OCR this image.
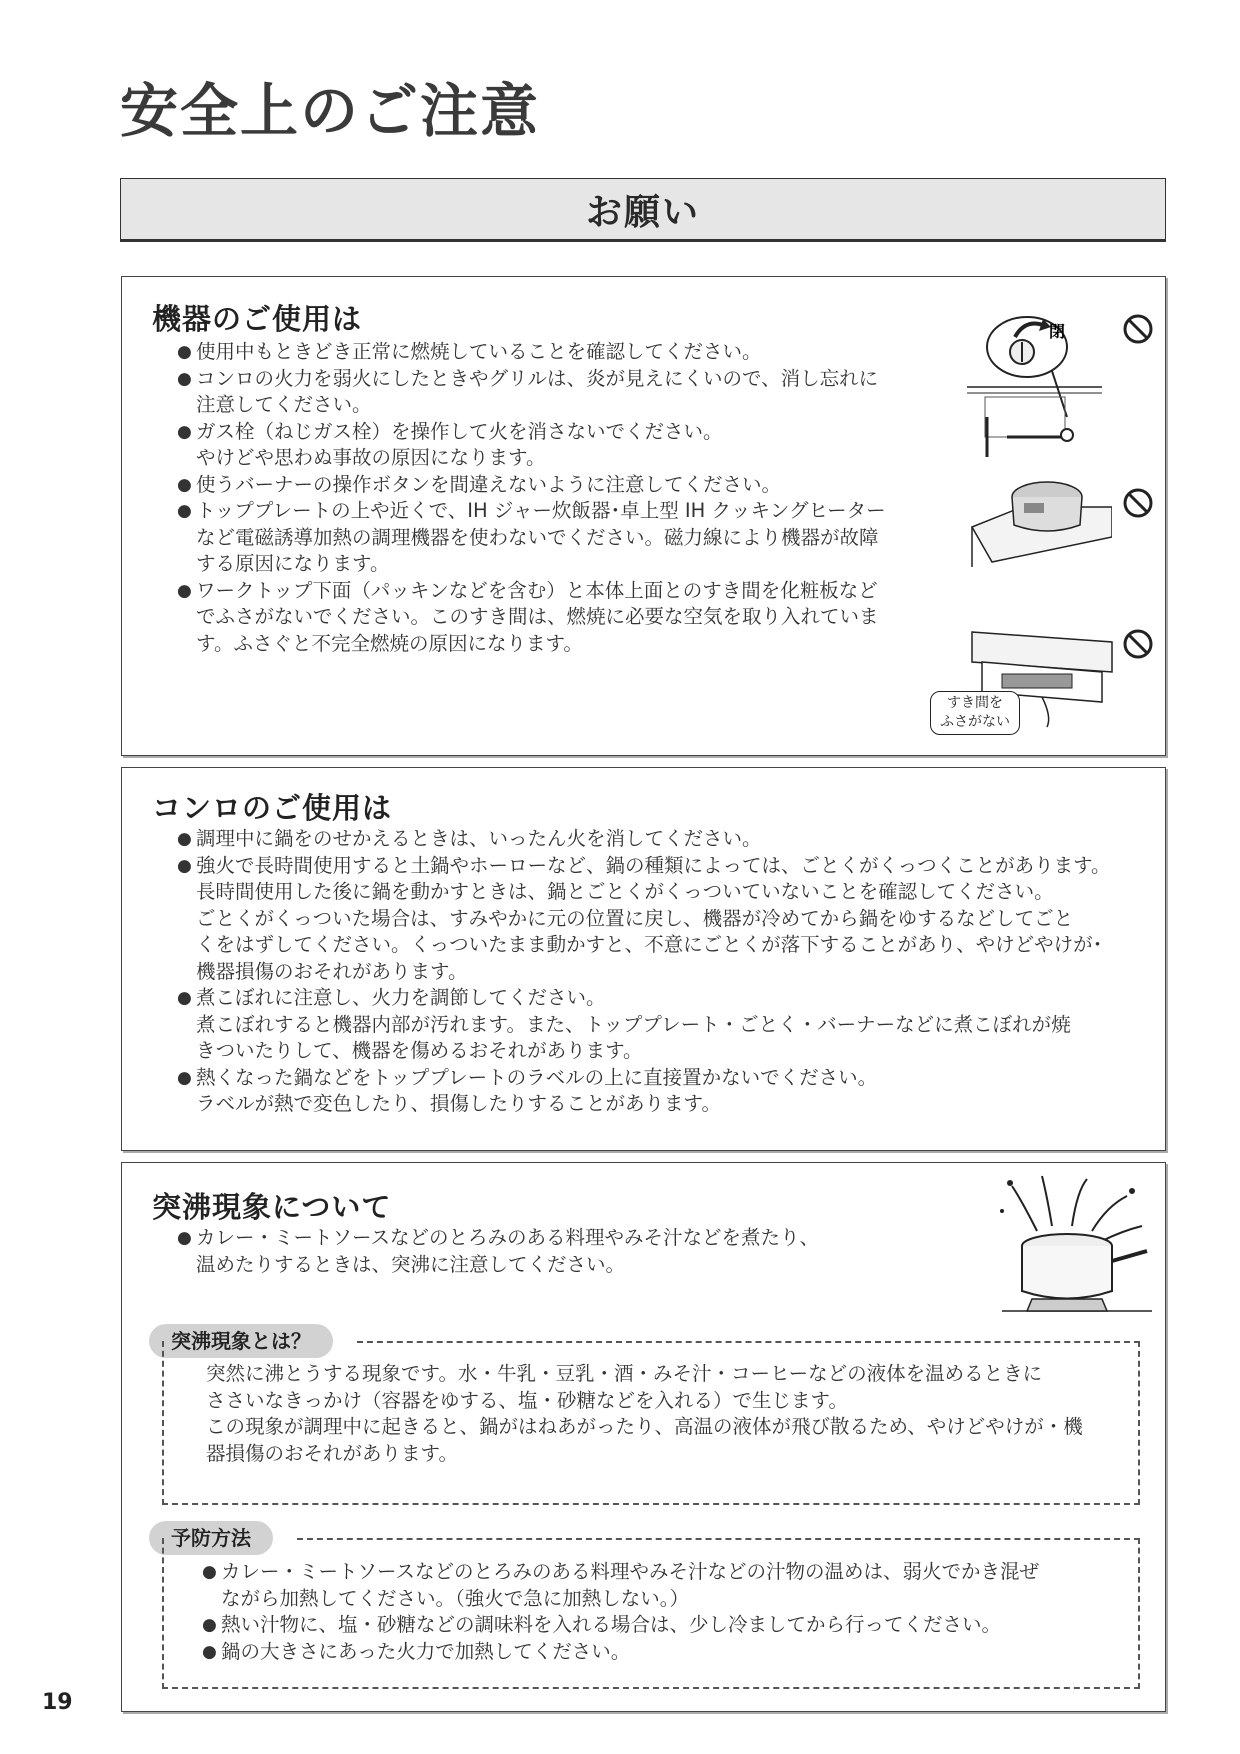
安全上のご注意
お願い
機器のご使用は
● 使用中もときどき正常に燃焼していることを確認してください。
● コンロの火力を弱火にしたときやグリルは、炎が見えにくいので、消し忘れに
注意してください。
● ガス栓（ねじガス栓）を操作して火を消さないでください。
やけどや思わぬ事故の原因になります。
● 使うバーナーの操作ボタンを間違えないように注意してください。
● トッププレートの上や近くで、IH ジャー炊飯器･卓上型 IH クッキングヒーター
など電磁誘導加熱の調理機器を使わないでください。磁力線により機器が故障
する原因になります。
● ワークトップ下面（パッキンなどを含む）と本体上面とのすき間を化粧板など
でふさがないでください。このすき間は、燃焼に必要な空気を取り入れていま
す。ふさぐと不完全燃焼の原因になります。
閉
すき間を
ふさがない
コンロのご使用は
● 調理中に鍋をのせかえるときは、いったん火を消してください。
● 強火で長時間使用すると土鍋やホーローなど、鍋の種類によっては、ごとくがくっつくことがあります。
長時間使用した後に鍋を動かすときは、鍋とごとくがくっついていないことを確認してください。
ごとくがくっついた場合は、すみやかに元の位置に戻し、機器が冷めてから鍋をゆするなどしてごと
くをはずしてください。くっついたまま動かすと、不意にごとくが落下することがあり、やけどやけが･
機器損傷のおそれがあります。
● 煮こぼれに注意し、火力を調節してください。
煮こぼれすると機器内部が汚れます。また、トッププレート・ごとく・バーナーなどに煮こぼれが焼
きついたりして、機器を傷めるおそれがあります。
● 熱くなった鍋などをトッププレートのラベルの上に直接置かないでください。
ラベルが熱で変色したり、損傷したりすることがあります。
突沸現象について
● カレー・ミートソースなどのとろみのある料理やみそ汁などを煮たり、
温めたりするときは、突沸に注意してください。
突沸現象とは？
突然に沸とうする現象です。水・牛乳・豆乳・酒・みそ汁・コーヒーなどの液体を温めるときに
ささいなきっかけ（容器をゆする、塩・砂糖などを入れる）で生じます。
この現象が調理中に起きると、鍋がはねあがったり、高温の液体が飛び散るため、やけどやけが・機
器損傷のおそれがあります。
予防方法
● カレー・ミートソースなどのとろみのある料理やみそ汁などの汁物の温めは、弱火でかき混ぜ
ながら加熱してください。（強火で急に加熱しない。）
● 熱い汁物に、塩・砂糖などの調味料を入れる場合は、少し冷ましてから行ってください。
● 鍋の大きさにあった火力で加熱してください。
19
